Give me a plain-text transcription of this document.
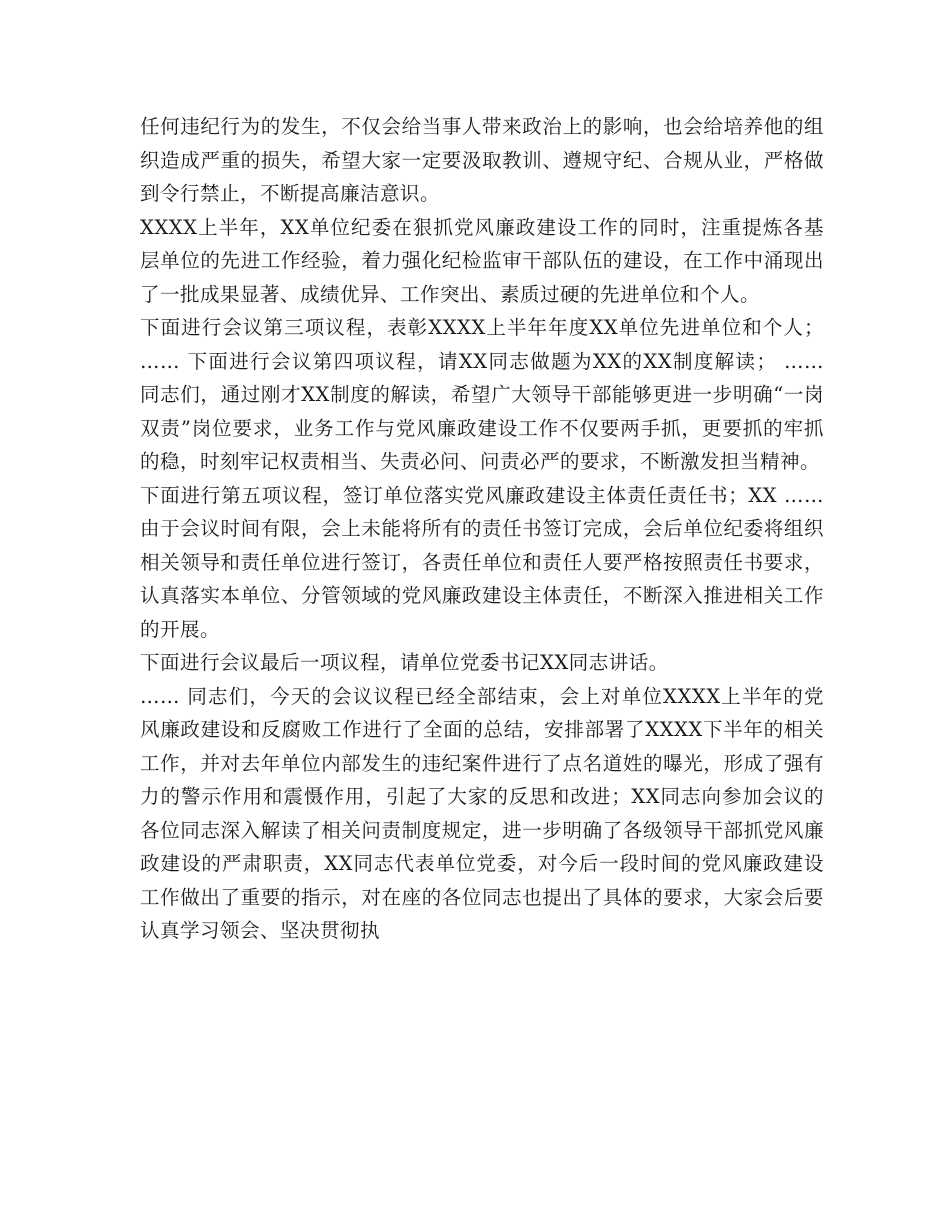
任何违纪行为的发生，不仅会给当事人带来政治上的影响，也会给培养他的组织造成严重的损失，希望大家一定要汲取教训、遵规守纪、合规从业，严格做到令行禁止，不断提高廉洁意识。

XXXX上半年，XX单位纪委在狠抓党风廉政建设工作的同时，注重提炼各基层单位的先进工作经验，着力强化纪检监审干部队伍的建设，在工作中涌现出了一批成果显著、成绩优异、工作突出、素质过硬的先进单位和个人。

下面进行会议第三项议程，表彰XXXX上半年年度XX单位先进单位和个人； …… 下面进行会议第四项议程，请XX同志做题为XX的XX制度解读； …… 同志们，通过刚才XX制度的解读，希望广大领导干部能够更进一步明确“一岗双责”岗位要求，业务工作与党风廉政建设工作不仅要两手抓，更要抓的牢抓的稳，时刻牢记权责相当、失责必问、问责必严的要求，不断激发担当精神。

下面进行第五项议程，签订单位落实党风廉政建设主体责任责任书；XX …… 由于会议时间有限，会上未能将所有的责任书签订完成，会后单位纪委将组织相关领导和责任单位进行签订，各责任单位和责任人要严格按照责任书要求，认真落实本单位、分管领域的党风廉政建设主体责任，不断深入推进相关工作的开展。

下面进行会议最后一项议程，请单位党委书记XX同志讲话。

…… 同志们，今天的会议议程已经全部结束，会上对单位XXXX上半年的党风廉政建设和反腐败工作进行了全面的总结，安排部署了XXXX下半年的相关工作，并对去年单位内部发生的违纪案件进行了点名道姓的曝光，形成了强有力的警示作用和震慑作用，引起了大家的反思和改进；XX同志向参加会议的各位同志深入解读了相关问责制度规定，进一步明确了各级领导干部抓党风廉政建设的严肃职责，XX同志代表单位党委，对今后一段时间的党风廉政建设工作做出了重要的指示，对在座的各位同志也提出了具体的要求，大家会后要认真学习领会、坚决贯彻执
